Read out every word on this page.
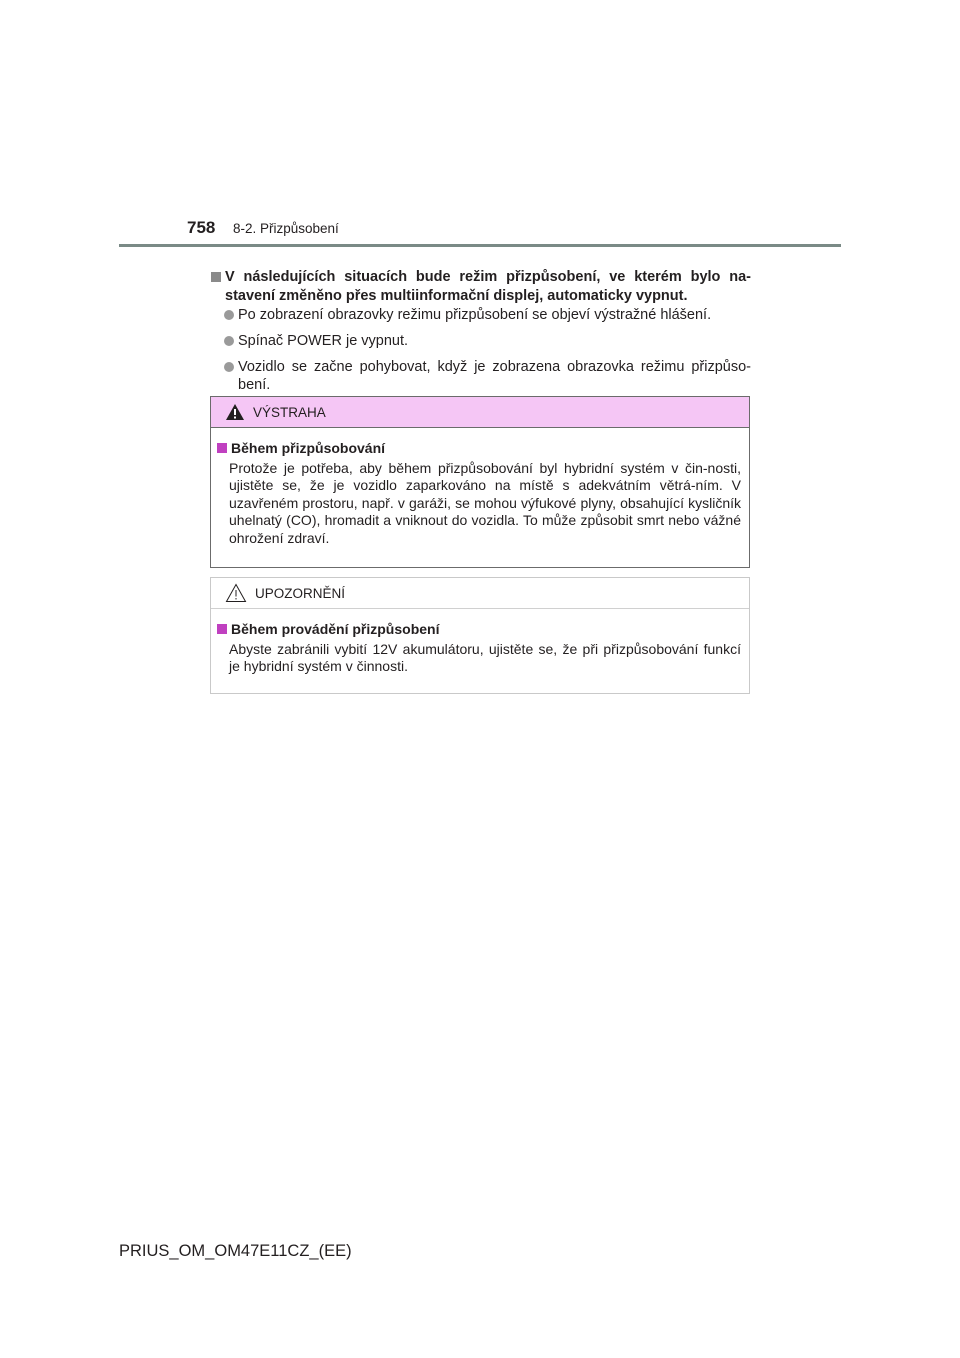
758 8-2. Přizpůsobení
V následujících situacích bude režim přizpůsobení, ve kterém bylo na-stavení změněno přes multiinformační displej, automaticky vypnut.
Po zobrazení obrazovky režimu přizpůsobení se objeví výstražné hlášení.
Spínač POWER je vypnut.
Vozidlo se začne pohybovat, když je zobrazena obrazovka režimu přizpůso-bení.
VÝSTRAHA
Během přizpůsobování
Protože je potřeba, aby během přizpůsobování byl hybridní systém v čin-nosti, ujistěte se, že je vozidlo zaparkováno na místě s adekvátním větrá-ním. V uzavřeném prostoru, např. v garáži, se mohou výfukové plyny, obsahující kysličník uhelnatý (CO), hromadit a vniknout do vozidla. To může způsobit smrt nebo vážné ohrožení zdraví.
UPOZORNĚNÍ
Během provádění přizpůsobení
Abyste zabránili vybití 12V akumulátoru, ujistěte se, že při přizpůsobování funkcí je hybridní systém v činnosti.
PRIUS_OM_OM47E11CZ_(EE)
